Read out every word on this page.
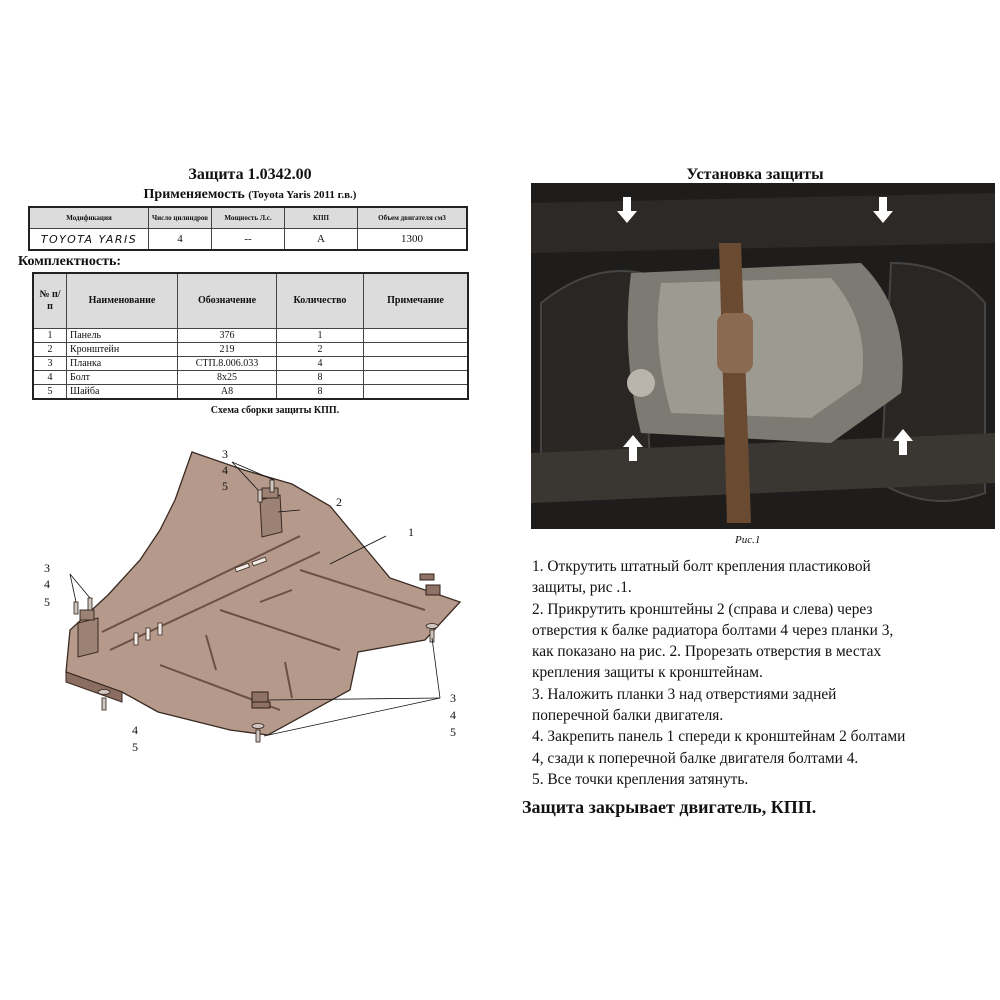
Защита 1.0342.00
Применяемость (Toyota Yaris 2011 г.в.)
Модификация	Число цилиндров	Мощность Л.с.	КПП	Объем двигателя см3
TOYOTA YARIS	4	--	A	1300
Комплектность:
№ п/п	Наименование	Обозначение	Количество	Примечание
1	Панель	376	1	
2	Кронштейн	219	2	
3	Планка	СТП.8.006.033	4	
4	Болт	8х25	8	
5	Шайба	А8	8	
Схема сборки защиты КПП.
3
4
5
2
1
3
4
5
3
4
5
4
5
Установка защиты
Рис.1
1. Открутить штатный болт крепления пластиковой
защиты, рис .1.
2. Прикрутить кронштейны 2 (справа и слева) через
отверстия к балке радиатора болтами 4 через планки 3,
как показано на рис. 2. Прорезать отверстия в местах
крепления защиты к кронштейнам.
3. Наложить планки 3 над отверстиями задней
поперечной балки двигателя.
4. Закрепить панель 1 спереди к кронштейнам 2 болтами
4, сзади к поперечной балке двигателя болтами 4.
5. Все точки крепления затянуть.
Защита закрывает двигатель, КПП.
